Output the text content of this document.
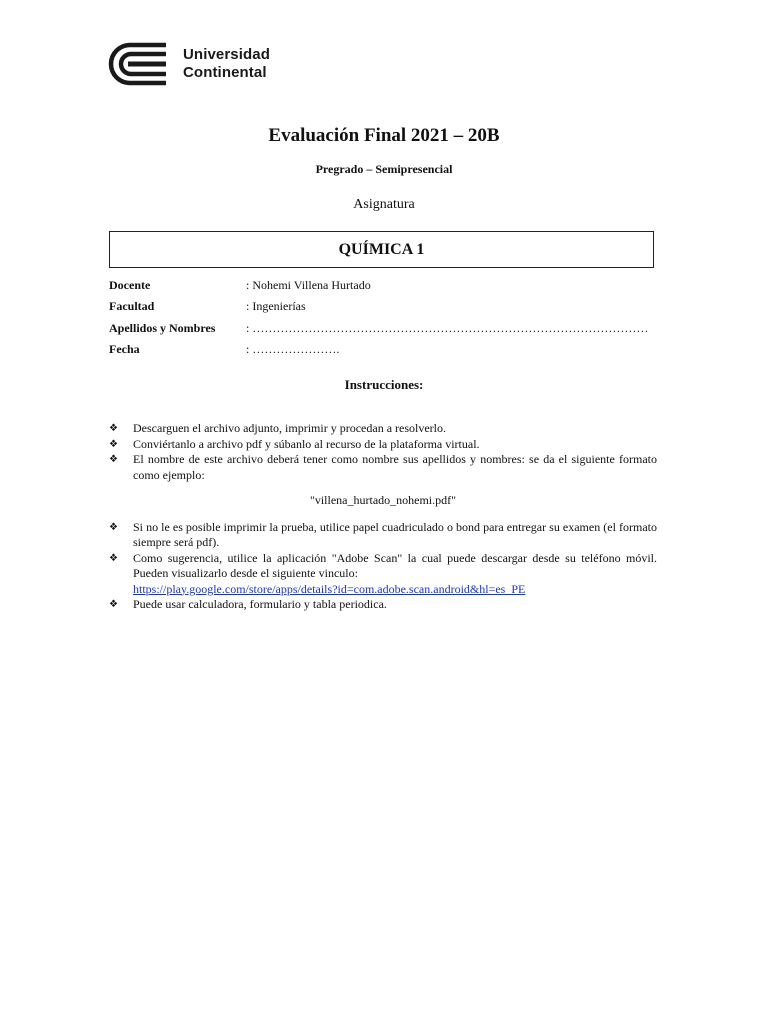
Universidad
Continental
Evaluación Final 2021 – 20B
Pregrado – Semipresencial
Asignatura
QUÍMICA 1
Docente	: Nohemi Villena Hurtado
Facultad	: Ingenierías
Apellidos y Nombres	: ………………………………………………………………………………………
Fecha	: ………………….
Instrucciones:

❖ Descarguen el archivo adjunto, imprimir y procedan a resolverlo.

❖ Conviértanlo a archivo pdf y súbanlo al recurso de la plataforma virtual.

❖ El nombre de este archivo deberá tener como nombre sus apellidos y nombres: se da el siguiente formato como ejemplo:

"villena_hurtado_nohemi.pdf"

❖ Si no le es posible imprimir la prueba, utilice papel cuadriculado o bond para entregar su examen (el formato siempre será pdf).

❖ Como sugerencia, utilice la aplicación "Adobe Scan" la cual puede descargar desde su teléfono móvil. Pueden visualizarlo desde el siguiente vinculo:
https://play.google.com/store/apps/details?id=com.adobe.scan.android&hl=es_PE

❖ Puede usar calculadora, formulario y tabla periodica.
